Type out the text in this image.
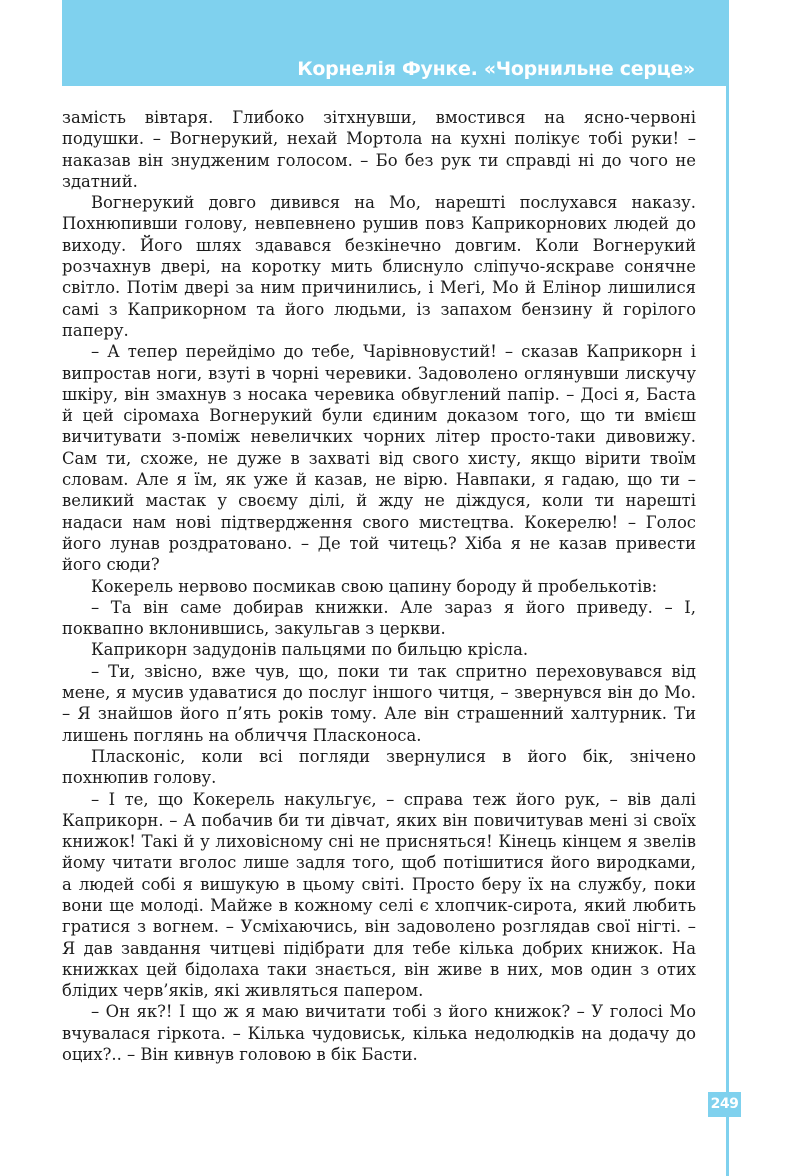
Корнелія Функе. «Чорнильне серце»

замість вівтаря. Глибоко зітхнувши, вмостився на ясно-червоні подушки. – Вогнерукий, нехай Мортола на кухні полікує тобі руки! – наказав він знудженим голосом. – Бо без рук ти справді ні до чого не здатний.

Вогнерукий довго дивився на Мо, нарешті послухався наказу. Похнюпивши голову, невпевнено рушив повз Каприкорнових людей до виходу. Його шлях здавався безкінечно довгим. Коли Вогнерукий розчахнув двері, на коротку мить блиснуло сліпучо-яскраве сонячне світло. Потім двері за ним причинились, і Меґі, Мо й Елінор лишилися самі з Каприкорном та його людьми, із запахом бензину й горілого паперу.

– А тепер перейдімо до тебе, Чарівновустий! – сказав Каприкорн і випростав ноги, взуті в чорні черевики. Задоволено оглянувши лискучу шкіру, він змахнув з носака черевика обвуглений папір. – Досі я, Баста й цей сіромаха Вогнерукий були єдиним доказом того, що ти вмієш вичитувати з-поміж невеличких чорних літер просто-таки дивовижу. Сам ти, схоже, не дуже в захваті від свого хисту, якщо вірити твоїм словам. Але я їм, як уже й казав, не вірю. Навпаки, я гадаю, що ти – великий мастак у своєму ділі, й жду не діждуся, коли ти нарешті надаси нам нові підтвердження свого мистецтва. Кокерелю! – Голос його лунав роздратовано. – Де той читець? Хіба я не казав привести його сюди?

Кокерель нервово посмикав свою цапину бороду й пробелькотів:

– Та він саме добирав книжки. Але зараз я його приведу. – І, поквапно вклонившись, закульгав з церкви.

Каприкорн задудонів пальцями по бильцю крісла.

– Ти, звісно, вже чув, що, поки ти так спритно переховувався від мене, я мусив удаватися до послуг іншого читця, – звернувся він до Мо. – Я знайшов його п’ять років тому. Але він страшенний халтурник. Ти лишень поглянь на обличчя Пласконоса.

Пласконіс, коли всі погляди звернулися в його бік, знічено похнюпив голову.

– І те, що Кокерель накульгує, – справа теж його рук, – вів далі Каприкорн. – А побачив би ти дівчат, яких він повичитував мені зі своїх книжок! Такі й у лиховісному сні не присняться! Кінець кінцем я звелів йому читати вголос лише задля того, щоб потішитися його виродками, а людей собі я вишукую в цьому світі. Просто беру їх на службу, поки вони ще молоді. Майже в кожному селі є хлопчик-сирота, який любить гратися з вогнем. – Усміхаючись, він задоволено розглядав свої нігті. – Я дав завдання читцеві підібрати для тебе кілька добрих книжок. На книжках цей бідолаха таки знається, він живе в них, мов один з отих блідих черв’яків, які живляться папером.

– Он як?! І що ж я маю вичитати тобі з його книжок? – У голосі Мо вчувалася гіркота. – Кілька чудовиськ, кілька недолюдків на додачу до оцих?.. – Він кивнув головою в бік Басти.

249
